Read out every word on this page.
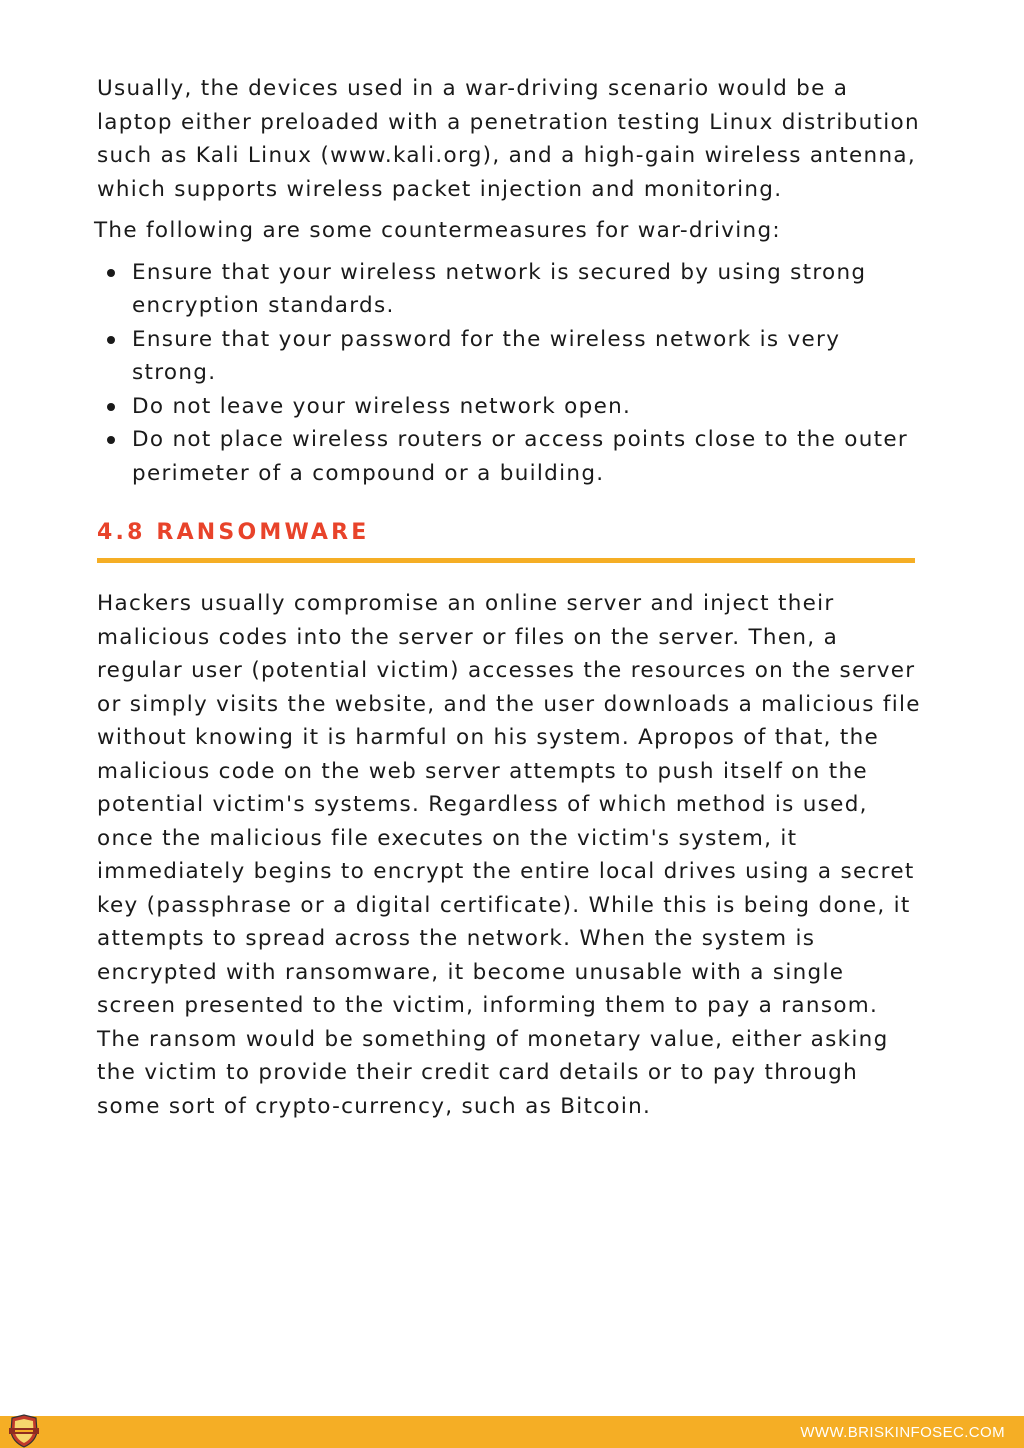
Usually, the devices used in a war-driving scenario would be a laptop either preloaded with a penetration testing Linux distribution such as Kali Linux (www.kali.org), and a high-gain wireless antenna, which supports wireless packet injection and monitoring.

The following are some countermeasures for war-driving:

Ensure that your wireless network is secured by using strong encryption standards.
Ensure that your password for the wireless network is very strong.
Do not leave your wireless network open.
Do not place wireless routers or access points close to the outer perimeter of a compound or a building.
4.8 RANSOMWARE

Hackers usually compromise an online server and inject their malicious codes into the server or files on the server. Then, a regular user (potential victim) accesses the resources on the server or simply visits the website, and the user downloads a malicious file without knowing it is harmful on his system. Apropos of that, the malicious code on the web server attempts to push itself on the potential victim's systems. Regardless of which method is used, once the malicious file executes on the victim's system, it immediately begins to encrypt the entire local drives using a secret key (passphrase or a digital certificate). While this is being done, it attempts to spread across the network. When the system is encrypted with ransomware, it become unusable with a single screen presented to the victim, informing them to pay a ransom. The ransom would be something of monetary value, either asking the victim to provide their credit card details or to pay through some sort of crypto-currency, such as Bitcoin.

WWW.BRISKINFOSEC.COM
